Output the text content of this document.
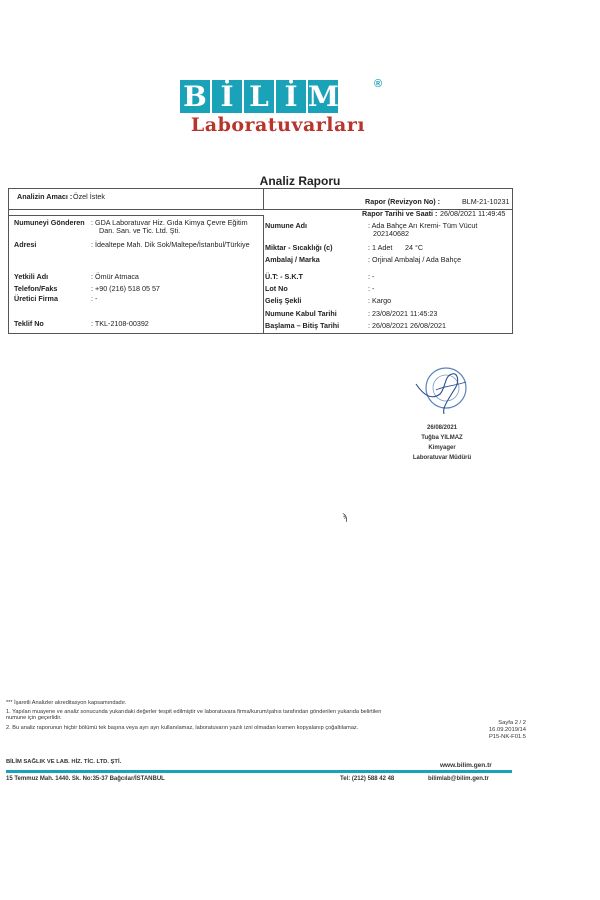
B İ L İ M	®
Laboratuvarları
Analiz Raporu
Analizin Amacı : Özel İstek
Rapor (Revizyon No) :	BLM-21-10231
Rapor Tarihi ve Saati : 26/08/2021 11:49:45
Numuneyi Gönderen : GDA Laboratuvar Hiz. Gıda Kimya Çevre Eğitim
Dan. San. ve Tic. Ltd. Şti.
Adresi	: İdealtepe Mah. Dik Sok/Maltepe/İstanbul/Türkiye
Yetkili Adı	: Ömür Atmaca
Telefon/Faks	: +90 (216) 518 05 57
Üretici Firma	: -
Teklif No	: TKL-2108-00392
Numune Adı	: Ada Bahçe Arı Kremi- Tüm Vücut
202140682
Miktar - Sıcaklığı (c)	: 1 Adet 24 °C
Ambalaj / Marka	: Orjinal Ambalaj / Ada Bahçe
Ü.T: - S.K.T	: -
Lot No	: -
Geliş Şekli	: Kargo
Numune Kabul Tarihi	: 23/08/2021 11:45:23
Başlama – Bitiş Tarihi	: 26/08/2021 26/08/2021
26/08/2021
Tuğba YILMAZ
Kimyager
Laboratuvar Müdürü
ϡ
*** İşaretli Analizler akreditasyon kapsamındadır.
1. Yapılan muayene ve analiz sonucunda yukarıdaki değerler tespit edilmiştir ve laboratuvara firma/kurum/şahıs tarafından gönderilen yukarıda belirtilen
numune için geçerlidir.
2. Bu analiz raporunun hiçbir bölümü tek başına veya ayrı ayrı kullanılamaz, laboratuvarın yazılı izni olmadan kısmen kopyalanıp çoğaltılamaz.
Sayfa 2 / 2
16.09.2019/14
P15-NK-F01.5
BİLİM SAĞLIK VE LAB. HİZ. TİC. LTD. ŞTİ.	www.bilim.gen.tr
15 Temmuz Mah. 1440. Sk. No:35-37 Bağcılar/İSTANBUL	Tel: (212) 588 42 48	bilimlab@bilim.gen.tr
